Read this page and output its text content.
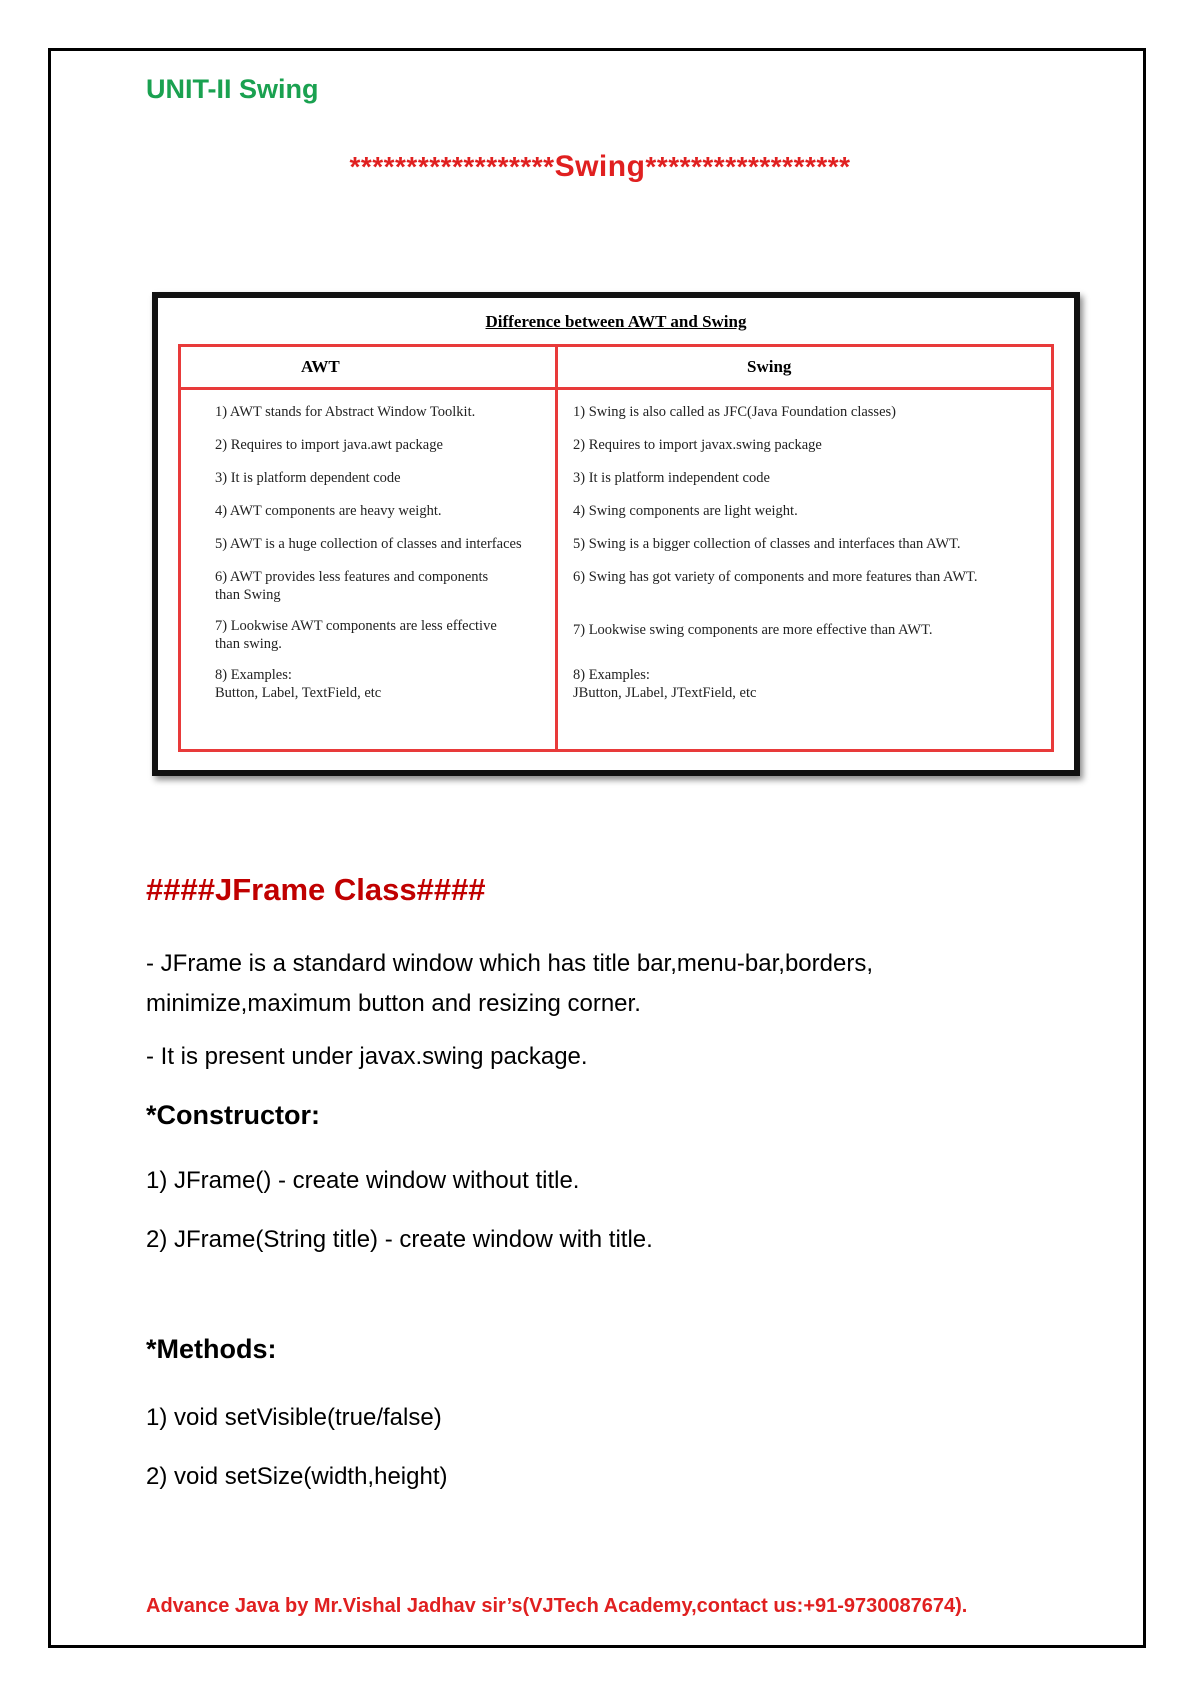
UNIT-II Swing
******************Swing******************
Difference between AWT and Swing
AWT	Swing
1) AWT stands for Abstract Window Toolkit.
2) Requires to import java.awt package
3) It is platform dependent code
4) AWT components are heavy weight.
5) AWT is a huge collection of classes and interfaces
6) AWT provides less features and components
than Swing
7) Lookwise AWT components are less effective
than swing.
8) Examples:
Button, Label, TextField, etc
1) Swing is also called as JFC(Java Foundation classes)
2) Requires to import javax.swing package
3) It is platform independent code
4) Swing components are light weight.
5) Swing is a bigger collection of classes and interfaces than AWT.
6) Swing has got variety of components and more features than AWT.
7) Lookwise swing components are more effective than AWT.
8) Examples:
JButton, JLabel, JTextField, etc
####JFrame Class####
- JFrame is a standard window which has title bar,menu-bar,borders, minimize,maximum button and resizing corner.
- It is present under javax.swing package.
*Constructor:
1) JFrame() - create window without title.
2) JFrame(String title) - create window with title.
*Methods:
1) void setVisible(true/false)
2) void setSize(width,height)
Advance Java by Mr.Vishal Jadhav sir’s(VJTech Academy,contact us:+91-9730087674).
